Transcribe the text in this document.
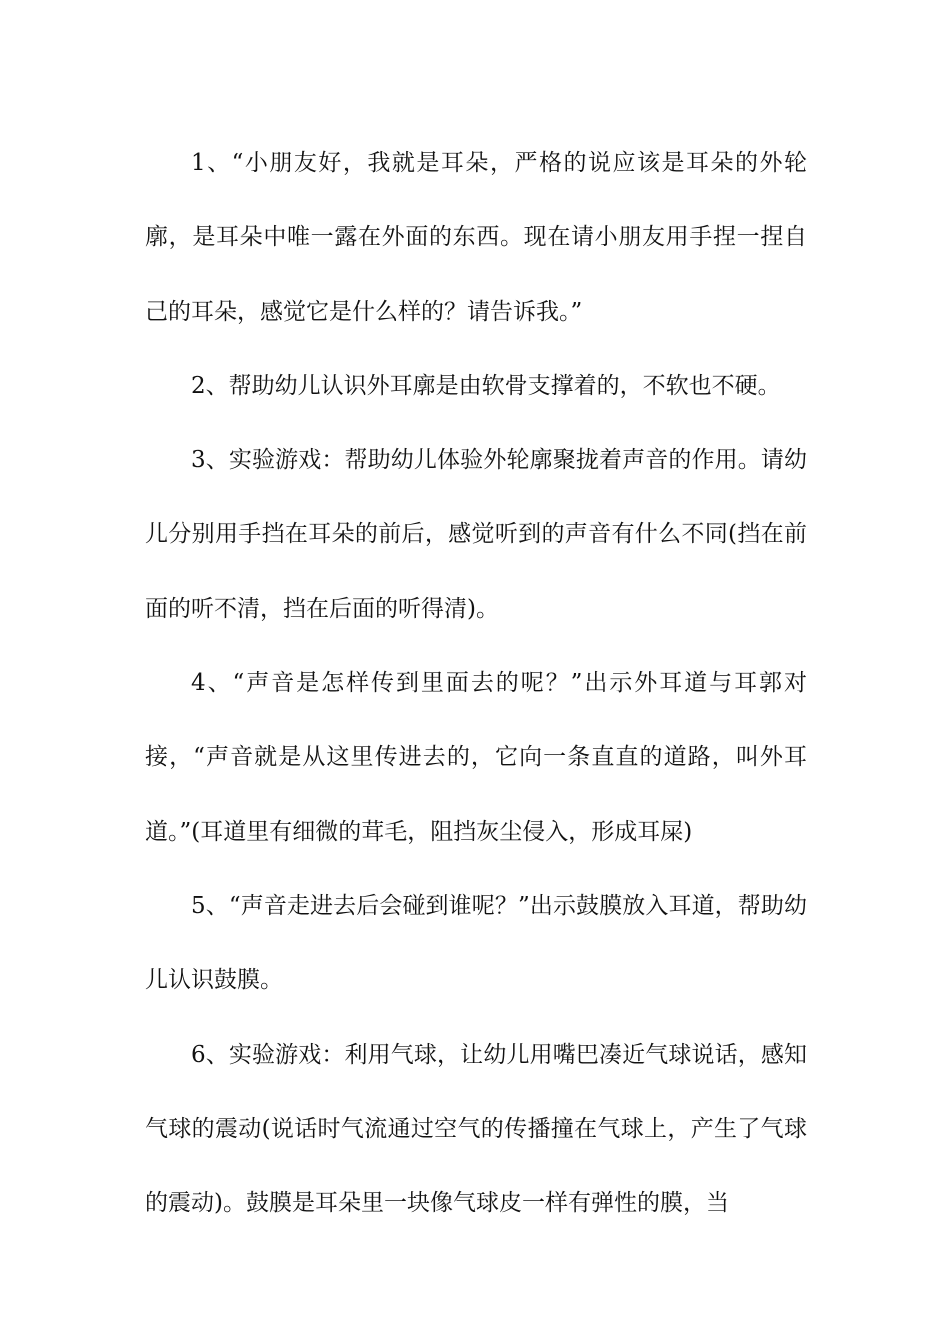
1、“小朋友好，我就是耳朵，严格的说应该是耳朵的外轮廓，是耳朵中唯一露在外面的东西。现在请小朋友用手捏一捏自己的耳朵，感觉它是什么样的？请告诉我。”

2、帮助幼儿认识外耳廓是由软骨支撑着的，不软也不硬。

3、实验游戏：帮助幼儿体验外轮廓聚拢着声音的作用。请幼儿分别用手挡在耳朵的前后，感觉听到的声音有什么不同(挡在前面的听不清，挡在后面的听得清)。

4、“声音是怎样传到里面去的呢？”出示外耳道与耳郭对接，“声音就是从这里传进去的，它向一条直直的道路，叫外耳道。”(耳道里有细微的茸毛，阻挡灰尘侵入，形成耳屎)

5、“声音走进去后会碰到谁呢？”出示鼓膜放入耳道，帮助幼儿认识鼓膜。

6、实验游戏：利用气球，让幼儿用嘴巴凑近气球说话，感知气球的震动(说话时气流通过空气的传播撞在气球上，产生了气球的震动)。鼓膜是耳朵里一块像气球皮一样有弹性的膜，当
